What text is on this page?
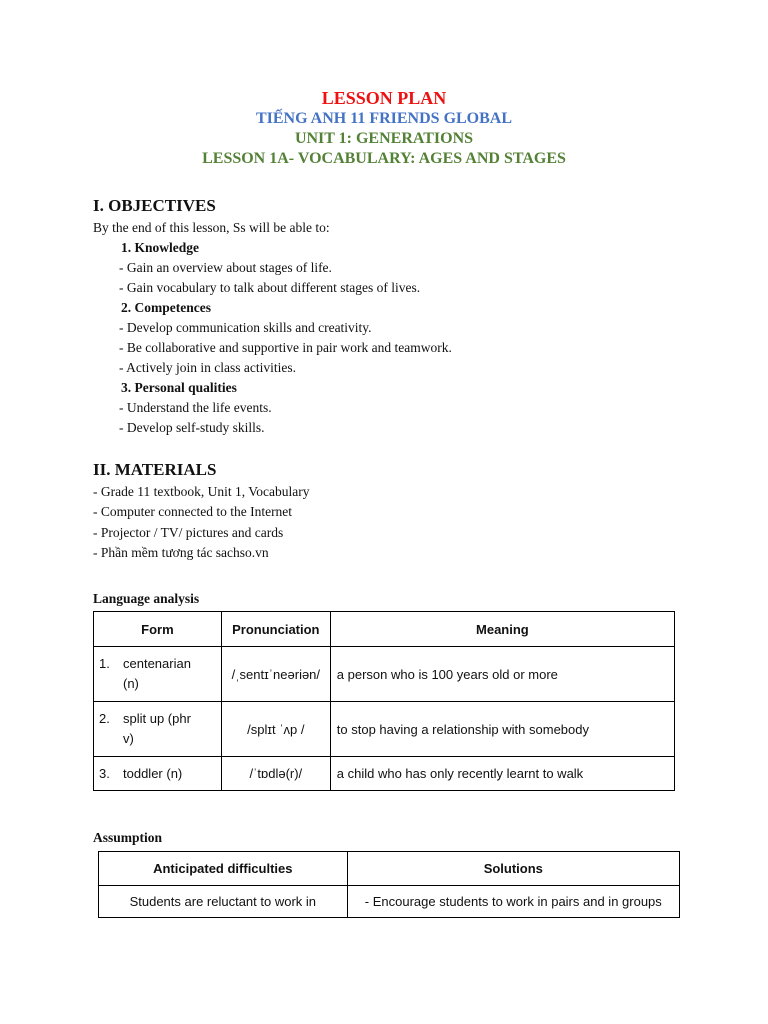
LESSON PLAN
TIẾNG ANH 11 FRIENDS GLOBAL
UNIT 1: GENERATIONS
LESSON 1A- VOCABULARY: AGES AND STAGES
I. OBJECTIVES
By the end of this lesson, Ss will be able to:
1. Knowledge
- Gain an overview about stages of life.
- Gain vocabulary to talk about different stages of lives.
2. Competences
- Develop communication skills and creativity.
- Be collaborative and supportive in pair work and teamwork.
- Actively join in class activities.
3. Personal qualities
- Understand the life events.
- Develop self-study skills.
II. MATERIALS
- Grade 11 textbook, Unit 1, Vocabulary
- Computer connected to the Internet
- Projector / TV/ pictures and cards
- Phần mềm tương tác sachso.vn
Language analysis
Form	Pronunciation	Meaning

1. centenarian
(n)	/ˌsentɪˈneəriən/	a person who is 100 years old or more

2. split up (phr
v)	/splɪt ˈʌp /	to stop having a relationship with somebody
3. toddler (n)	/ˈtɒdlə(r)/	a child who has only recently learnt to walk
Assumption
Anticipated difficulties	Solutions
Students are reluctant to work in	- Encourage students to work in pairs and in groups
